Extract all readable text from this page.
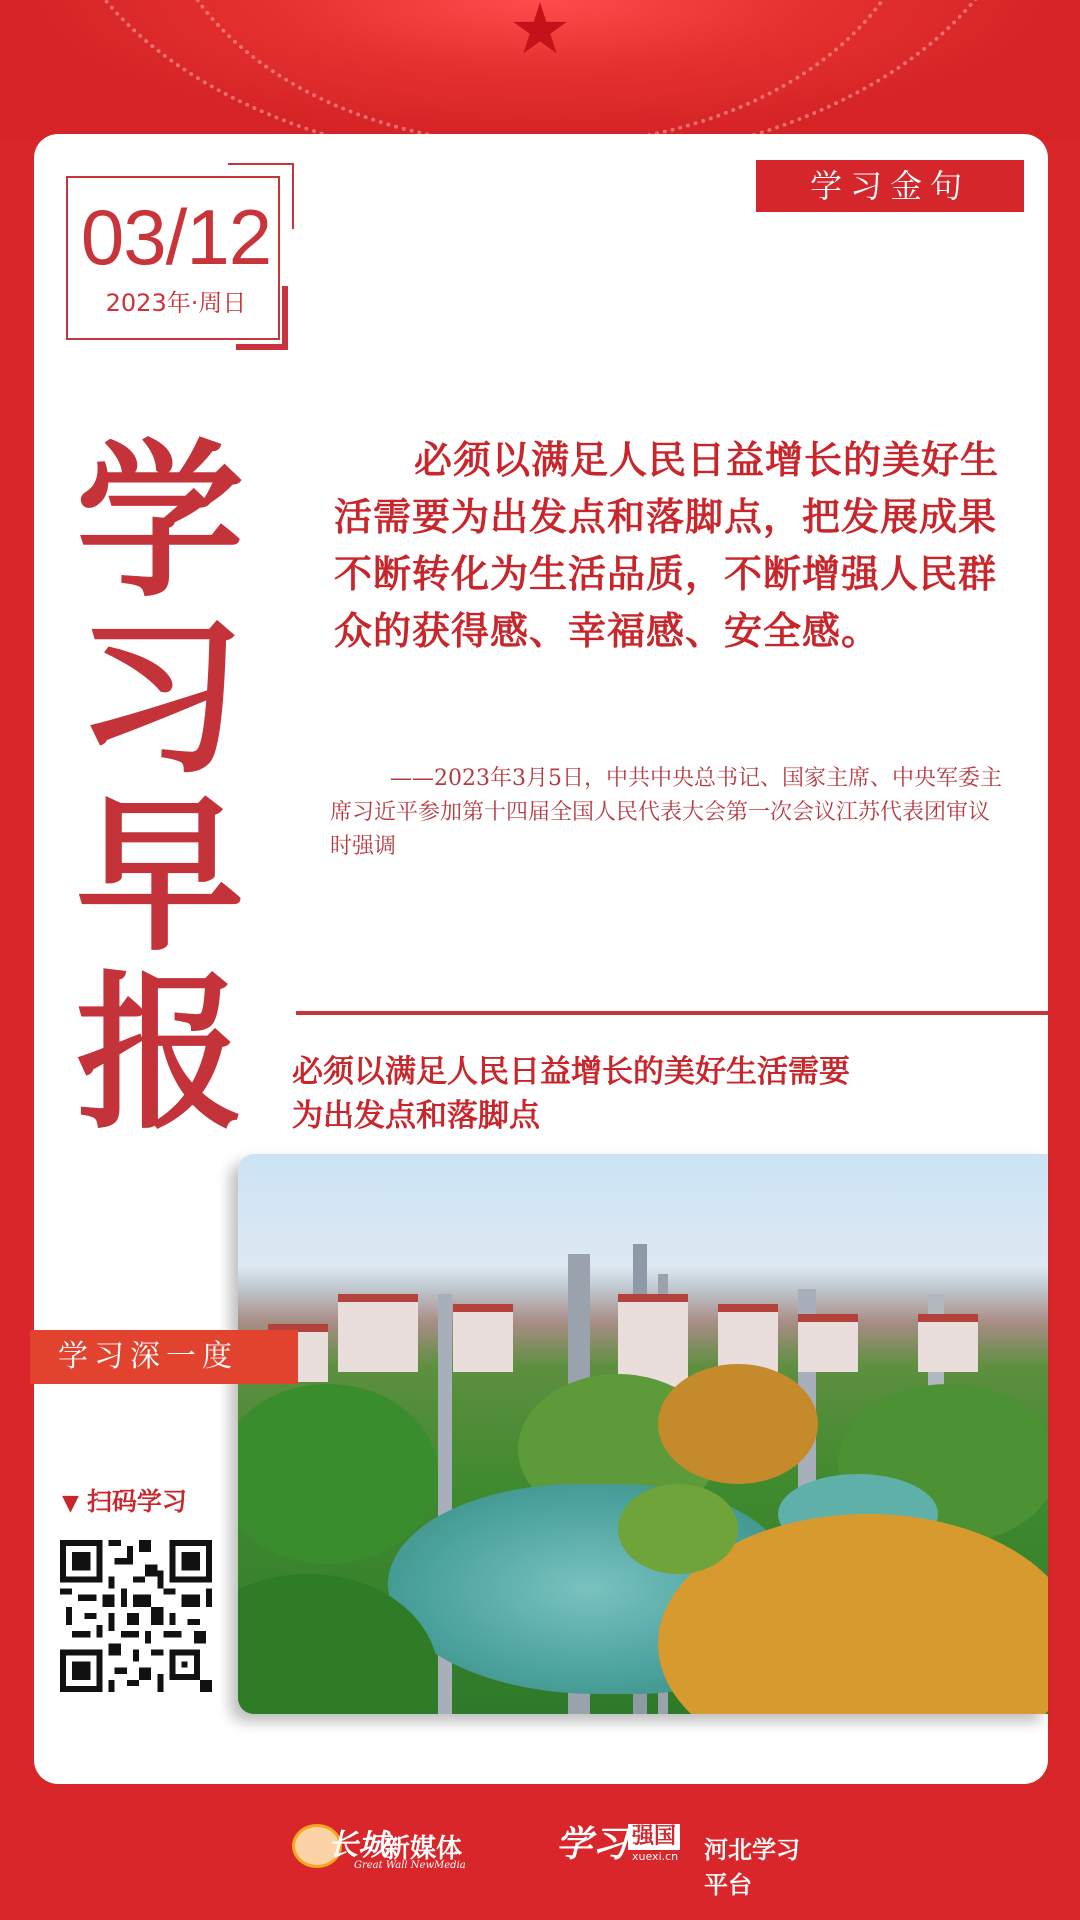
★
03/12
2023年·周日
学习金句
学
习
早
报
必须以满足人民日益增长的美好生活需要为出发点和落脚点，把发展成果不断转化为生活品质，不断增强人民群众的获得感、幸福感、安全感。
——2023年3月5日，中共中央总书记、国家主席、中央军委主席习近平参加第十四届全国人民代表大会第一次会议江苏代表团审议时强调
必须以满足人民日益增长的美好生活需要
为出发点和落脚点
学习深一度
▼ 扫码学习
长城
新媒体
Great Wall NewMedia
学习 强国
xuexi.cn 河北学习平台
